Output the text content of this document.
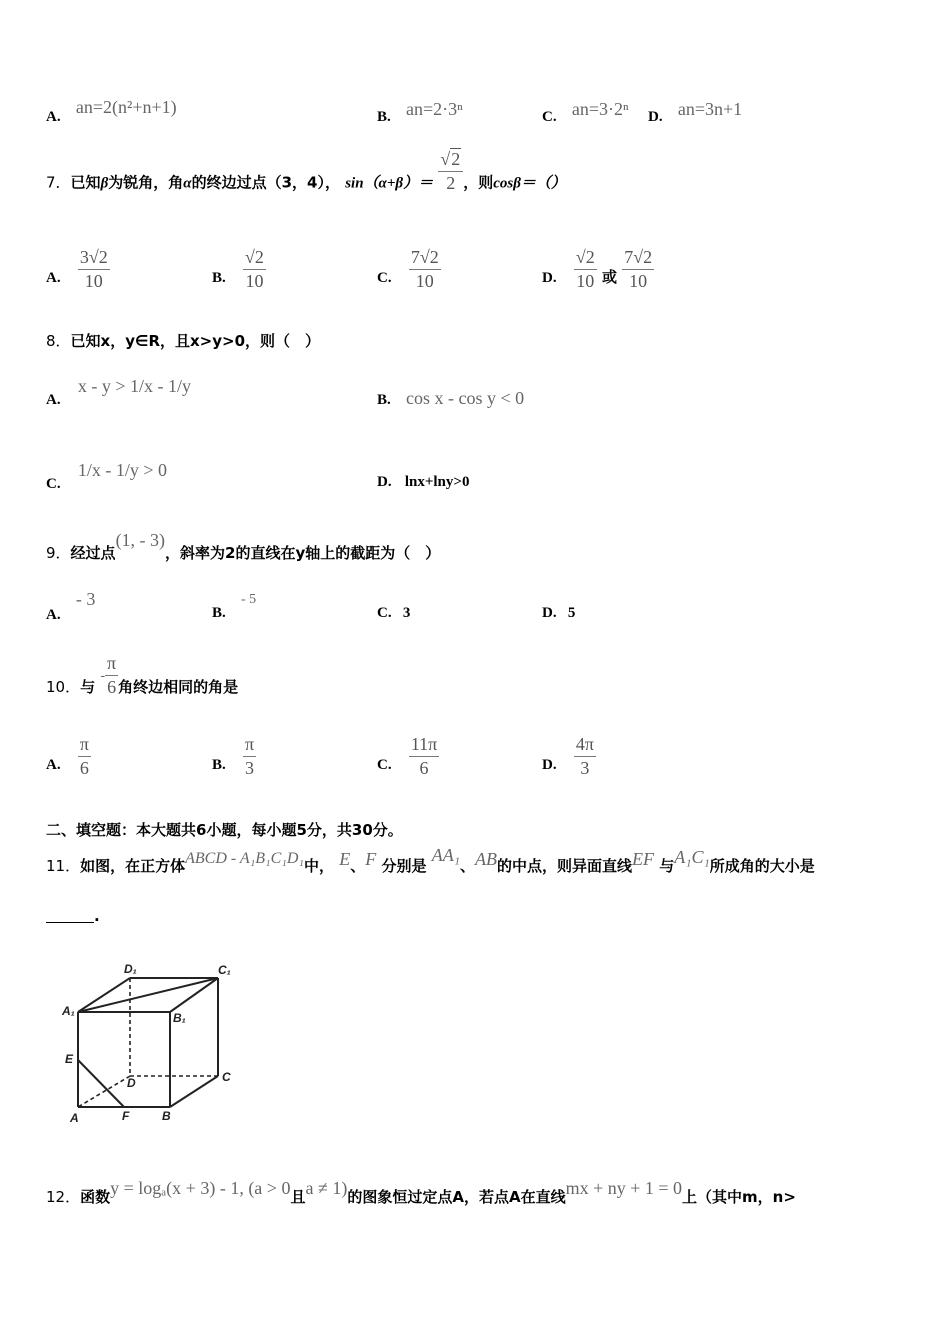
A. an=2(n²+n+1)	B. an=2·3ⁿ	C. an=3·2ⁿ D. an=3n+1
7．已知β为锐角，角α的终边过点（3，4）， $\sin(\alpha+\beta)= \frac{√2}{2}$ ，则cosβ＝（）
A. $\frac{3√2}{10}$	B. $\frac{√2}{10}$	C. $\frac{7√2}{10}$	D. $\frac{√2}{10}$ 或 $\frac{7√2}{10}$
8．已知x，y∈R，且x>y>0，则（　）
A. x - y > 1/x - 1/y
B. cos x - cos y < 0
C. 1/x - 1/y > 0
D. lnx+lny>0
9．经过点(1, - 3)，斜率为2的直线在y轴上的截距为（　）
A. - 3
B. - 5
C. 3	D. 5
10．与 - $\frac{\pi}{6}$ 角终边相同的角是
A. $\frac{\pi}{6}$	B. $\frac{\pi}{3}$	C. $\frac{11\pi}{6}$	D. $\frac{4\pi}{3}$
二、填空题：本大题共6小题，每小题5分，共30分。
11．如图，在正方体ABCD - A₁B₁C₁D₁中， E、F 分别是 AA₁、AB的中点，则异面直线EF 与A₁C₁所成角的大小是
.
D₁	C₁
A₁	B₁
E
D	C
A	F	B
12．函数y = logₐ(x + 3) - 1, (a > 0且a ≠ 1)的图象恒过定点A，若点A在直线mx + ny + 1 = 0上（其中m，n>
